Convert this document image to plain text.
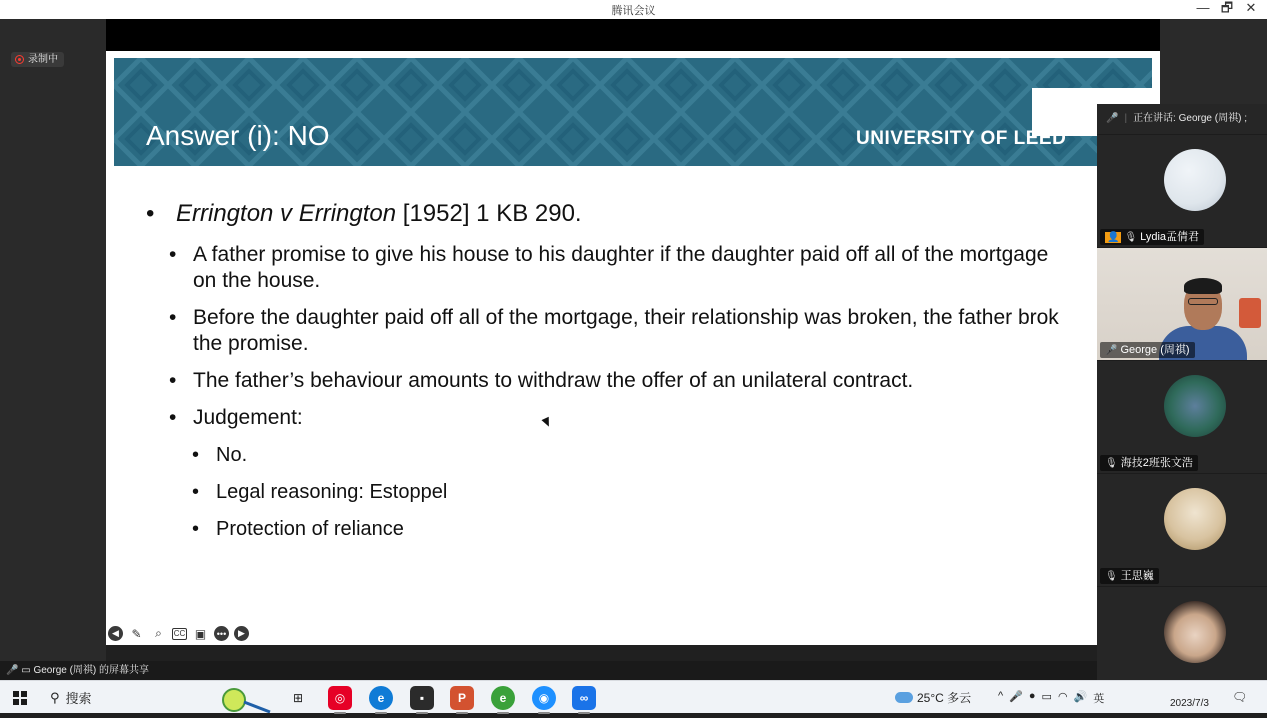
腾讯会议	— 🗗 ✕
录制中
Answer (i): NO	UNIVERSITY OF LEED
• Errington v Errington [1952] 1 KB 290.
• A father promise to give his house to his daughter if the daughter paid off all of the mortgage
on the house.
• Before the daughter paid off all of the mortgage, their relationship was broken, the father brok
the promise.
• The father’s behaviour amounts to withdraw the offer of an unilateral contract.
• Judgement:
• No.
• Legal reasoning: Estoppel
• Protection of reliance
◀	✎	⌕	CC ▣	•••	▶
🎤 | 正在讲话: George (周祺) ;
👤 🎙 Lydia孟倩君
🎤 George (周祺)
🎙 海技2班张文浩
🎙 王思巍
🎤 ▭ George (周祺) 的屏幕共享
⚲ 搜索	⊞	◎	e	▪	P	e	◉	∞	25°C 多云 ^ 🎤 ● ▭ ◠ 🔊 英	2023/7/3 🗨
